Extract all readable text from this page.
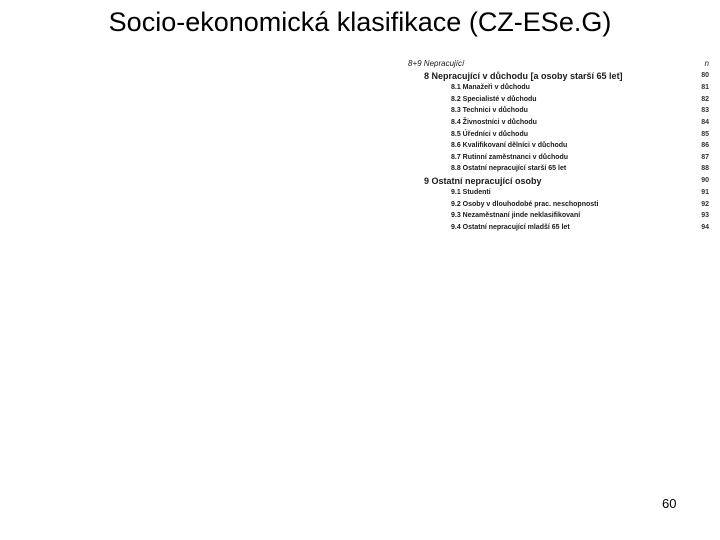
Socio-ekonomická klasifikace (CZ-ESe.G)
8+9 Nepracující	n
8 Nepracující v důchodu [a osoby starší 65 let]	80
8.1 Manažeři v důchodu	81
8.2 Specialisté v důchodu	82
8.3 Technici v důchodu	83
8.4 Živnostníci v důchodu	84
8.5 Úředníci v důchodu	85
8.6 Kvalifikovaní dělníci v důchodu	86
8.7 Rutinní zaměstnanci v důchodu	87
8.8 Ostatní nepracující starší 65 let	88
9 Ostatní nepracující osoby	90
9.1 Studenti	91
9.2 Osoby v dlouhodobé prac. neschopnosti	92
9.3 Nezaměstnaní jinde neklasifikovaní	93
9.4 Ostatní nepracující mladší 65 let	94
60
